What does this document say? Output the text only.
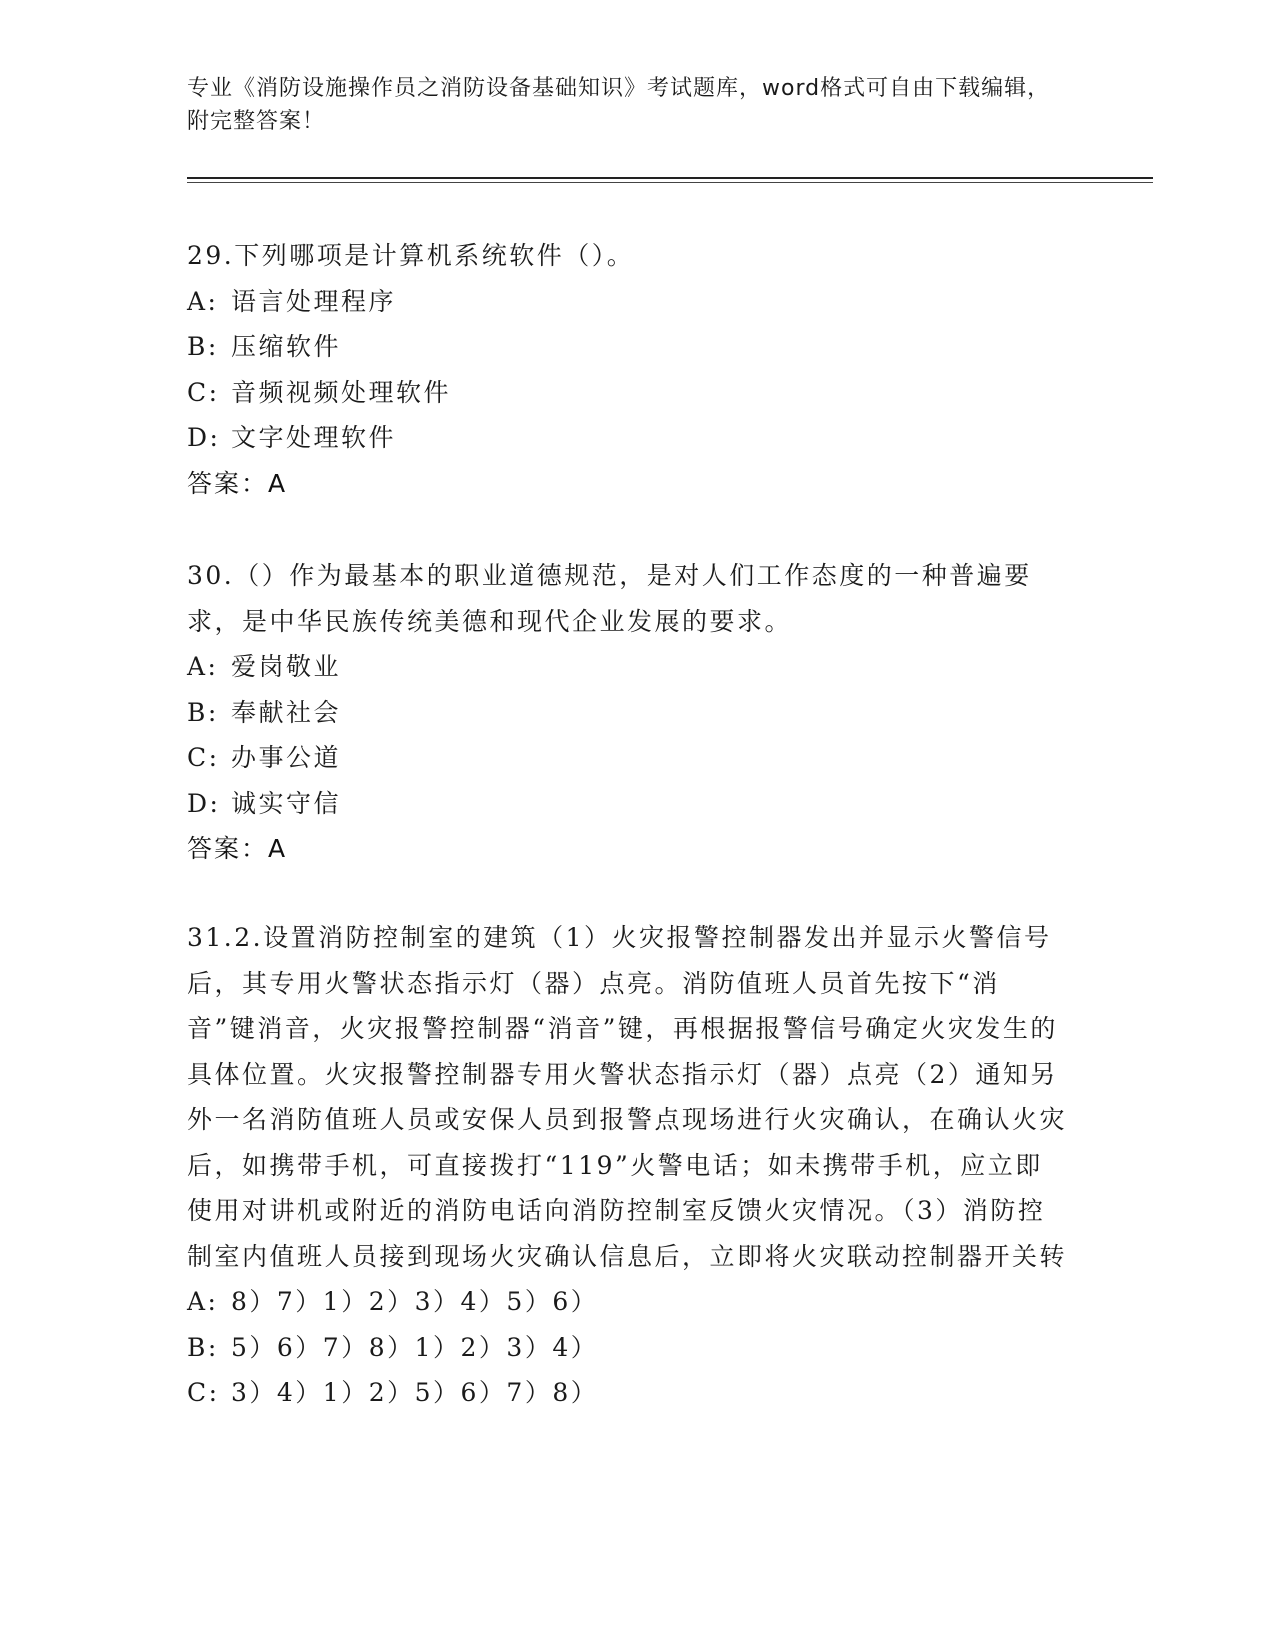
专业《消防设施操作员之消防设备基础知识》考试题库，word格式可自由下载编辑，附完整答案！

29.下列哪项是计算机系统软件（）。

A: 语言处理程序

B: 压缩软件

C: 音频视频处理软件

D: 文字处理软件

答案：A

30.（）作为最基本的职业道德规范，是对人们工作态度的一种普遍要求，是中华民族传统美德和现代企业发展的要求。

A: 爱岗敬业

B: 奉献社会

C: 办事公道

D: 诚实守信

答案：A

31.2.设置消防控制室的建筑（1）火灾报警控制器发出并显示火警信号后，其专用火警状态指示灯（器）点亮。消防值班人员首先按下“消音”键消音，火灾报警控制器“消音”键，再根据报警信号确定火灾发生的具体位置。火灾报警控制器专用火警状态指示灯（器）点亮（2）通知另外一名消防值班人员或安保人员到报警点现场进行火灾确认，在确认火灾后，如携带手机，可直接拨打“119”火警电话；如未携带手机，应立即使用对讲机或附近的消防电话向消防控制室反馈火灾情况。（3）消防控制室内值班人员接到现场火灾确认信息后，立即将火灾联动控制器开关转

A: 8）7）1）2）3）4）5）6）

B: 5）6）7）8）1）2）3）4）

C: 3）4）1）2）5）6）7）8）
